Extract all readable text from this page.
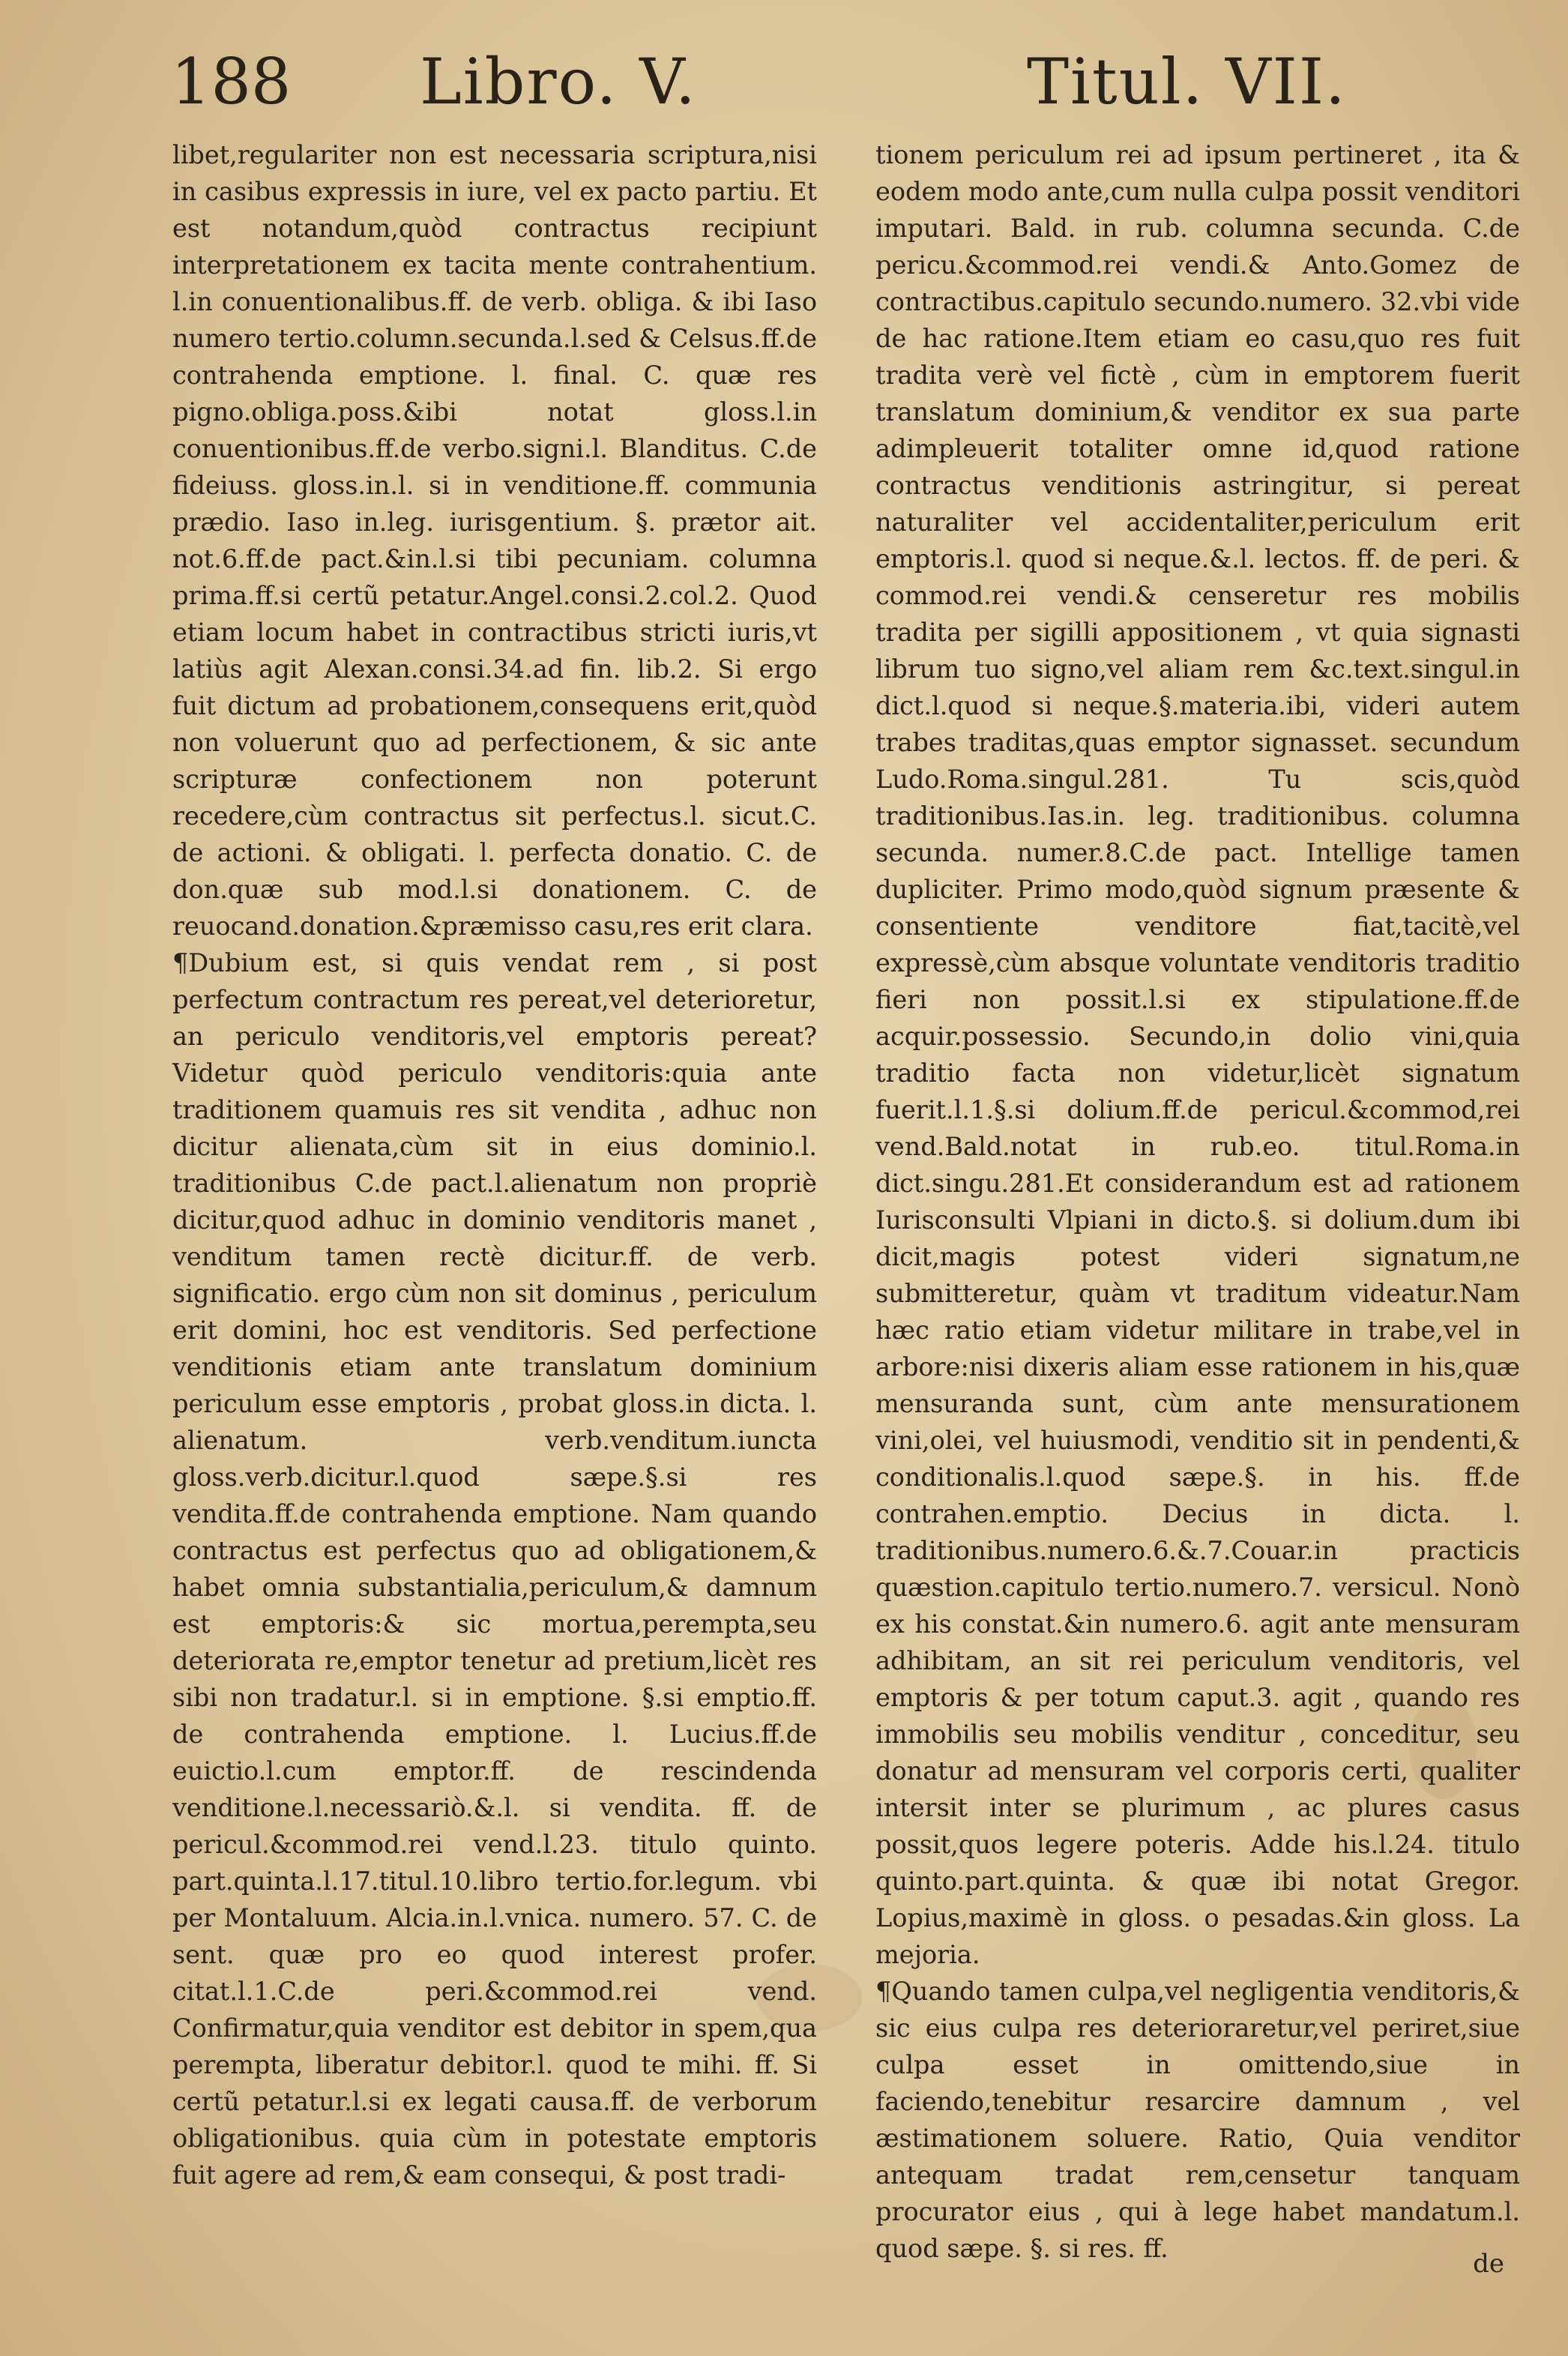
188 Libro. V.	Titul. VII.

libet,regulariter non est necessaria scriptura,nisi in casibus expressis in iure, vel ex pacto partiu. Et est notandum,quòd contractus recipiunt interpretationem ex tacita mente contrahentium. l.in conuentionalibus.ff. de verb. obliga. & ibi Iaso numero tertio.column.secunda.l.sed & Celsus.ff.de contrahenda emptione. l. final. C. quæ res pigno.obliga.poss.&ibi notat gloss.l.in conuentionibus.ff.de verbo.signi.l. Blanditus. C.de fideiuss. gloss.in.l. si in venditione.ff. communia prædio. Iaso in.leg. iurisgentium. §. prætor ait. not.6.ff.de pact.&in.l.si tibi pecuniam. columna prima.ff.si certũ petatur.Angel.consi.2.col.2. Quod etiam locum habet in contractibus stricti iuris,vt latiùs agit Alexan.consi.34.ad fin. lib.2. Si ergo fuit dictum ad probationem,consequens erit,quòd non voluerunt quo ad perfectionem, & sic ante scripturæ confectionem non poterunt recedere,cùm contractus sit perfectus.l. sicut.C. de actioni. & obligati. l. perfecta donatio. C. de don.quæ sub mod.l.si donationem. C. de reuocand.donation.&præmisso casu,res erit clara.

¶Dubium est, si quis vendat rem , si post perfectum contractum res pereat,vel deterioretur, an periculo venditoris,vel emptoris pereat? Videtur quòd periculo venditoris:quia ante traditionem quamuis res sit vendita , adhuc non dicitur alienata,cùm sit in eius dominio.l. traditionibus C.de pact.l.alienatum non propriè dicitur,quod adhuc in dominio venditoris manet , venditum tamen rectè dicitur.ff. de verb. significatio. ergo cùm non sit dominus , periculum erit domini, hoc est venditoris. Sed perfectione venditionis etiam ante translatum dominium periculum esse emptoris , probat gloss.in dicta. l. alienatum. verb.venditum.iuncta gloss.verb.dicitur.l.quod sæpe.§.si res vendita.ff.de contrahenda emptione. Nam quando contractus est perfectus quo ad obligationem,& habet omnia substantialia,periculum,& damnum est emptoris:& sic mortua,perempta,seu deteriorata re,emptor tenetur ad pretium,licèt res sibi non tradatur.l. si in emptione. §.si emptio.ff. de contrahenda emptione. l. Lucius.ff.de euictio.l.cum emptor.ff. de rescindenda venditione.l.necessariò.&.l. si vendita. ff. de pericul.&commod.rei vend.l.23. titulo quinto. part.quinta.l.17.titul.10.libro tertio.for.legum. vbi per Montaluum. Alcia.in.l.vnica. numero. 57. C. de sent. quæ pro eo quod interest profer. citat.l.1.C.de peri.&commod.rei vend. Confirmatur,quia venditor est debitor in spem,qua perempta, liberatur debitor.l. quod te mihi. ff. Si certũ petatur.l.si ex legati causa.ff. de verborum obligationibus. quia cùm in potestate emptoris fuit agere ad rem,& eam consequi, & post tradi-

tionem periculum rei ad ipsum pertineret , ita & eodem modo ante,cum nulla culpa possit venditori imputari. Bald. in rub. columna secunda. C.de pericu.&commod.rei vendi.& Anto.Gomez de contractibus.capitulo secundo.numero. 32.vbi vide de hac ratione.Item etiam eo casu,quo res fuit tradita verè vel fictè , cùm in emptorem fuerit translatum dominium,& venditor ex sua parte adimpleuerit totaliter omne id,quod ratione contractus venditionis astringitur, si pereat naturaliter vel accidentaliter,periculum erit emptoris.l. quod si neque.&.l. lectos. ff. de peri. & commod.rei vendi.& censeretur res mobilis tradita per sigilli appositionem , vt quia signasti librum tuo signo,vel aliam rem &c.text.singul.in dict.l.quod si neque.§.materia.ibi, videri autem trabes traditas,quas emptor signasset. secundum Ludo.Roma.singul.281. Tu scis,quòd traditionibus.Ias.in. leg. traditionibus. columna secunda. numer.8.C.de pact. Intellige tamen dupliciter. Primo modo,quòd signum præsente & consentiente venditore fiat,tacitè,vel expressè,cùm absque voluntate venditoris traditio fieri non possit.l.si ex stipulatione.ff.de acquir.possessio. Secundo,in dolio vini,quia traditio facta non videtur,licèt signatum fuerit.l.1.§.si dolium.ff.de pericul.&commod,rei vend.Bald.notat in rub.eo. titul.Roma.in dict.singu.281.Et considerandum est ad rationem Iurisconsulti Vlpiani in dicto.§. si dolium.dum ibi dicit,magis potest videri signatum,ne submitteretur, quàm vt traditum videatur.Nam hæc ratio etiam videtur militare in trabe,vel in arbore:nisi dixeris aliam esse rationem in his,quæ mensuranda sunt, cùm ante mensurationem vini,olei, vel huiusmodi, venditio sit in pendenti,& conditionalis.l.quod sæpe.§. in his. ff.de contrahen.emptio. Decius in dicta. l. traditionibus.numero.6.&.7.Couar.in practicis quæstion.capitulo tertio.numero.7. versicul. Nonò ex his constat.&in numero.6. agit ante mensuram adhibitam, an sit rei periculum venditoris, vel emptoris & per totum caput.3. agit , quando res immobilis seu mobilis venditur , conceditur, seu donatur ad mensuram vel corporis certi, qualiter intersit inter se plurimum , ac plures casus possit,quos legere poteris. Adde his.l.24. titulo quinto.part.quinta. & quæ ibi notat Gregor. Lopius,maximè in gloss. o pesadas.&in gloss. La mejoria.

¶Quando tamen culpa,vel negligentia venditoris,& sic eius culpa res deterioraretur,vel periret,siue culpa esset in omittendo,siue in faciendo,tenebitur resarcire damnum , vel æstimationem soluere. Ratio, Quia venditor antequam tradat rem,censetur tanquam procurator eius , qui à lege habet mandatum.l. quod sæpe. §. si res. ff.

de
